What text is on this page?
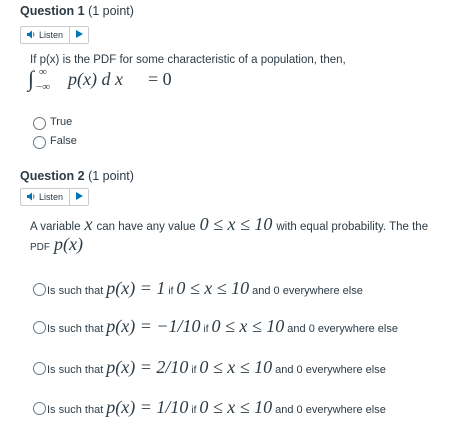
Question 1 (1 point)
Listen
If p(x) is the PDF for some characteristic of a population, then,
∫ ∞
−∞ p(x) d x = 0
True
False
Question 2 (1 point)
Listen
A variable x can have any value 0 ≤ x ≤ 10 with equal probability. The the
PDF p(x)
Is such that p(x) = 1 if 0 ≤ x ≤ 10 and 0 everywhere else
Is such that p(x) = −1/10 if 0 ≤ x ≤ 10 and 0 everywhere else
Is such that p(x) = 2/10 if 0 ≤ x ≤ 10 and 0 everywhere else
Is such that p(x) = 1/10 if 0 ≤ x ≤ 10 and 0 everywhere else
